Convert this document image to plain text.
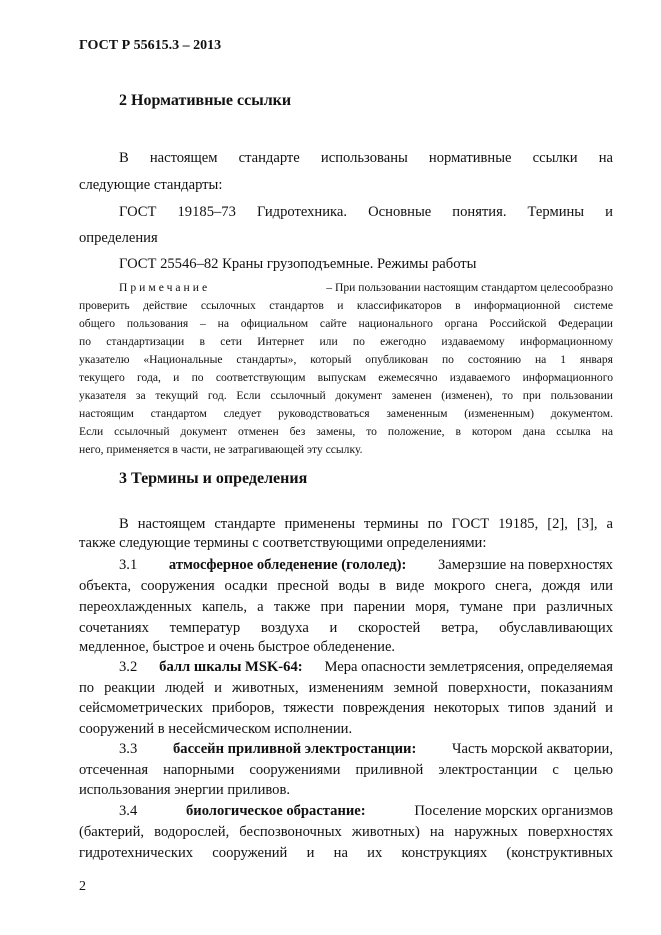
ГОСТ Р 55615.3 – 2013
2 Нормативные ссылки
В настоящем стандарте использованы нормативные ссылки на
следующие стандарты:
ГОСТ 19185–73 Гидротехника. Основные понятия. Термины и
определения
ГОСТ 25546–82 Краны грузоподъемные. Режимы работы
Примечание	– При пользовании настоящим стандартом целесообразно
проверить действие ссылочных стандартов и классификаторов в информационной системе
общего пользования – на официальном сайте национального органа Российской Федерации
по стандартизации в сети Интернет или по ежегодно издаваемому информационному
указателю «Национальные стандарты», который опубликован по состоянию на 1 января
текущего года, и по соответствующим выпускам ежемесячно издаваемого информационного
указателя за текущий год. Если ссылочный документ заменен (изменен), то при пользовании
настоящим стандартом следует руководствоваться замененным (измененным) документом.
Если ссылочный документ отменен без замены, то положение, в котором дана ссылка на
него, применяется в части, не затрагивающей эту ссылку.
3 Термины и определения
В настоящем стандарте применены термины по ГОСТ 19185, [2], [3], а
также следующие термины с соответствующими определениями:
3.1 атмосферное обледенение (гололед): Замерзшие на поверхностях
объекта, сооружения осадки пресной воды в виде мокрого снега, дождя или
переохлажденных капель, а также при парении моря, тумане при различных
сочетаниях температур воздуха и скоростей ветра, обуславливающих
медленное, быстрое и очень быстрое обледенение.
3.2 балл шкалы MSK-64: Мера опасности землетрясения, определяемая
по реакции людей и животных, изменениям земной поверхности, показаниям
сейсмометрических приборов, тяжести повреждения некоторых типов зданий и
сооружений в несейсмическом исполнении.
3.3 бассейн приливной электростанции: Часть морской акватории,
отсеченная напорными сооружениями приливной электростанции с целью
использования энергии приливов.
3.4	биологическое обрастание:	Поселение морских организмов
(бактерий, водорослей, беспозвоночных животных) на наружных поверхностях
гидротехнических сооружений и на их конструкциях (конструктивных
2
